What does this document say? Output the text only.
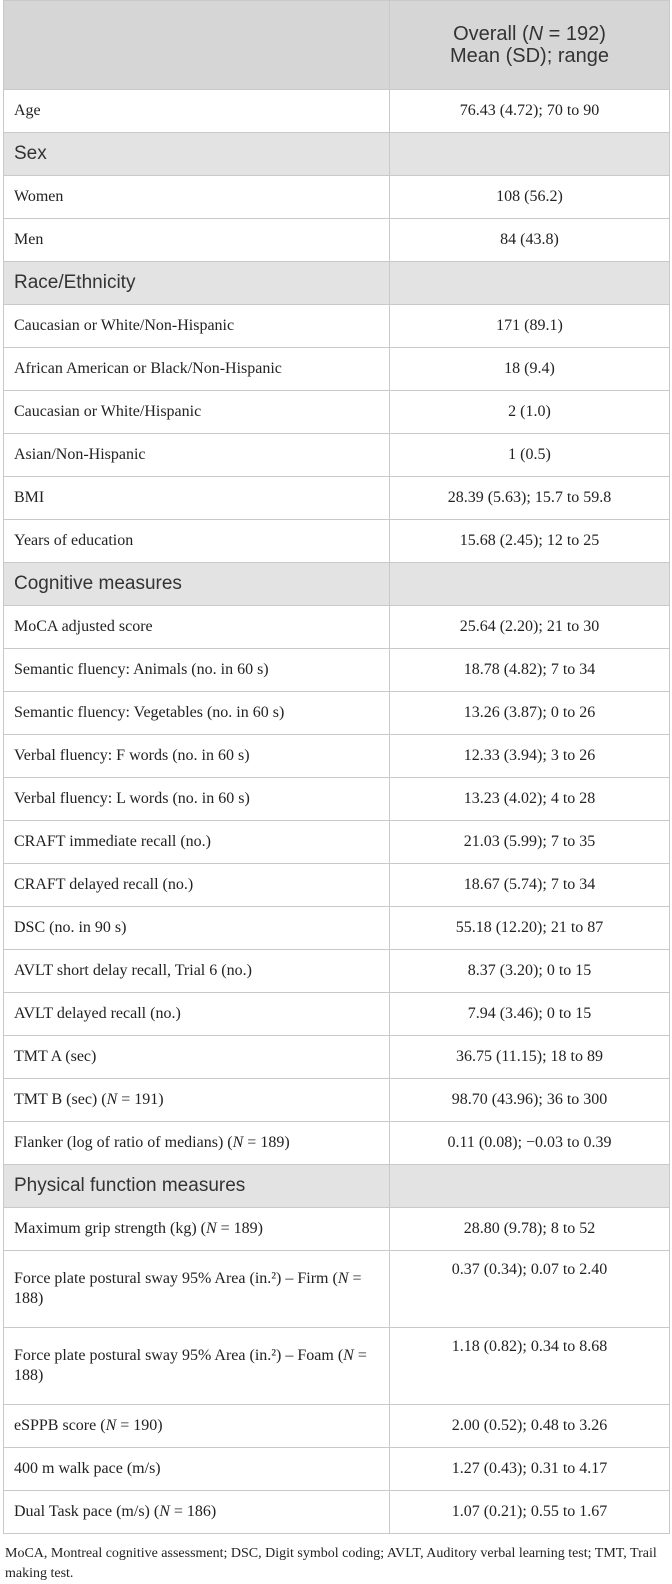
	Overall (N = 192)
Mean (SD); range
Age	76.43 (4.72); 70 to 90
Sex	
Women	108 (56.2)
Men	84 (43.8)
Race/Ethnicity	
Caucasian or White/Non-Hispanic	171 (89.1)
African American or Black/Non-Hispanic	18 (9.4)
Caucasian or White/Hispanic	2 (1.0)
Asian/Non-Hispanic	1 (0.5)
BMI	28.39 (5.63); 15.7 to 59.8
Years of education	15.68 (2.45); 12 to 25
Cognitive measures	
MoCA adjusted score	25.64 (2.20); 21 to 30
Semantic fluency: Animals (no. in 60 s)	18.78 (4.82); 7 to 34
Semantic fluency: Vegetables (no. in 60 s)	13.26 (3.87); 0 to 26
Verbal fluency: F words (no. in 60 s)	12.33 (3.94); 3 to 26
Verbal fluency: L words (no. in 60 s)	13.23 (4.02); 4 to 28
CRAFT immediate recall (no.)	21.03 (5.99); 7 to 35
CRAFT delayed recall (no.)	18.67 (5.74); 7 to 34
DSC (no. in 90 s)	55.18 (12.20); 21 to 87
AVLT short delay recall, Trial 6 (no.)	8.37 (3.20); 0 to 15
AVLT delayed recall (no.)	7.94 (3.46); 0 to 15
TMT A (sec)	36.75 (11.15); 18 to 89
TMT B (sec) (N = 191)	98.70 (43.96); 36 to 300
Flanker (log of ratio of medians) (N = 189)	0.11 (0.08); −0.03 to 0.39
Physical function measures	
Maximum grip strength (kg) (N = 189)	28.80 (9.78); 8 to 52
Force plate postural sway 95% Area (in.²) – Firm (N = 188)	0.37 (0.34); 0.07 to 2.40
Force plate postural sway 95% Area (in.²) – Foam (N = 188)	1.18 (0.82); 0.34 to 8.68
eSPPB score (N = 190)	2.00 (0.52); 0.48 to 3.26
400 m walk pace (m/s)	1.27 (0.43); 0.31 to 4.17
Dual Task pace (m/s) (N = 186)	1.07 (0.21); 0.55 to 1.67
MoCA, Montreal cognitive assessment; DSC, Digit symbol coding; AVLT, Auditory verbal learning test; TMT, Trail making test.
